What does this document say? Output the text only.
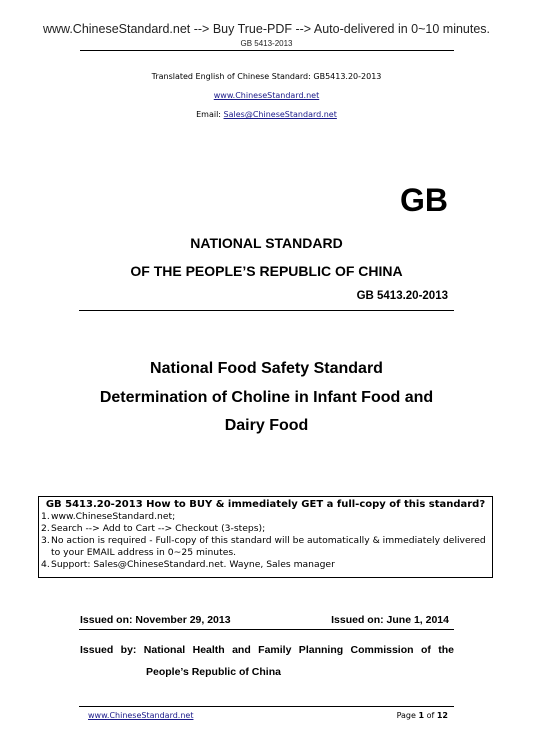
www.ChineseStandard.net --> Buy True-PDF --> Auto-delivered in 0~10 minutes.
GB 5413-2013
Translated English of Chinese Standard: GB5413.20-2013
www.ChineseStandard.net
Email: Sales@ChineseStandard.net
GB
NATIONAL STANDARD
OF THE PEOPLE’S REPUBLIC OF CHINA
GB 5413.20-2013
National Food Safety Standard
Determination of Choline in Infant Food and
Dairy Food
GB 5413.20-2013 How to BUY & immediately GET a full-copy of this standard?
1. www.ChineseStandard.net;
2. Search --> Add to Cart --> Checkout (3-steps);
3. No action is required - Full-copy of this standard will be automatically & immediately delivered to your EMAIL address in 0~25 minutes.
4. Support: Sales@ChineseStandard.net. Wayne, Sales manager
Issued on: November 29, 2013	Issued on: June 1, 2014
Issued by: National Health and Family Planning Commission of the
People’s Republic of China
www.ChineseStandard.net	Page 1 of 12
